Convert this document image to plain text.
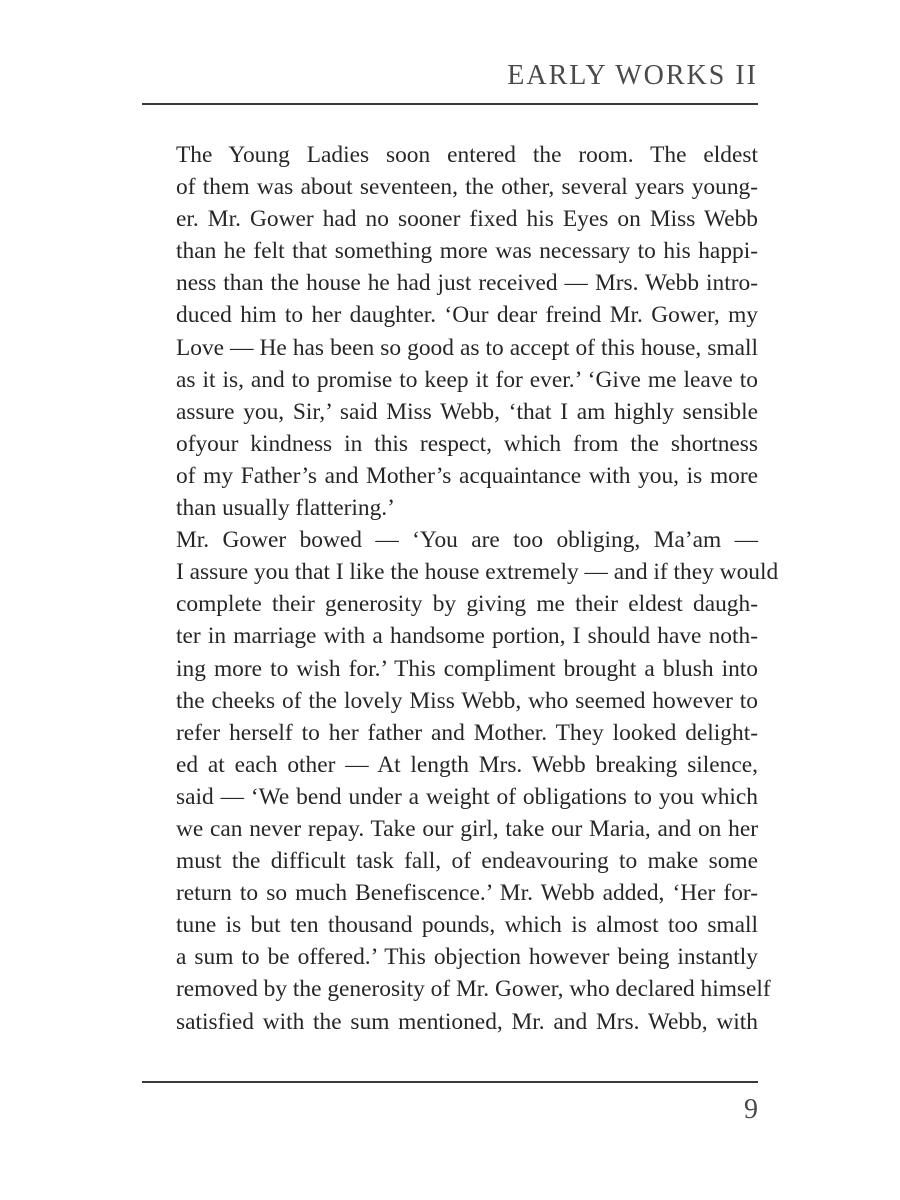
EARLY WORKS II
The Young Ladies soon entered the room. The eldest
of them was about seventeen, the other, several years young-
er. Mr. Gower had no sooner fixed his Eyes on Miss Webb
than he felt that something more was necessary to his happi-
ness than the house he had just received — Mrs. Webb intro-
duced him to her daughter. ‘Our dear freind Mr. Gower, my
Love — He has been so good as to accept of this house, small
as it is, and to promise to keep it for ever.’ ‘Give me leave to
assure you, Sir,’ said Miss Webb, ‘that I am highly sensible
ofyour kindness in this respect, which from the shortness
of my Father’s and Mother’s acquaintance with you, is more
than usually flattering.’
Mr. Gower bowed — ‘You are too obliging, Ma’am —
I assure you that I like the house extremely — and if they would
complete their generosity by giving me their eldest daugh-
ter in marriage with a handsome portion, I should have noth-
ing more to wish for.’ This compliment brought a blush into
the cheeks of the lovely Miss Webb, who seemed however to
refer herself to her father and Mother. They looked delight-
ed at each other — At length Mrs. Webb breaking silence,
said — ‘We bend under a weight of obligations to you which
we can never repay. Take our girl, take our Maria, and on her
must the difficult task fall, of endeavouring to make some
return to so much Benefiscence.’ Mr. Webb added, ‘Her for-
tune is but ten thousand pounds, which is almost too small
a sum to be offered.’ This objection however being instantly
removed by the generosity of Mr. Gower, who declared himself
satisfied with the sum mentioned, Mr. and Mrs. Webb, with
9
